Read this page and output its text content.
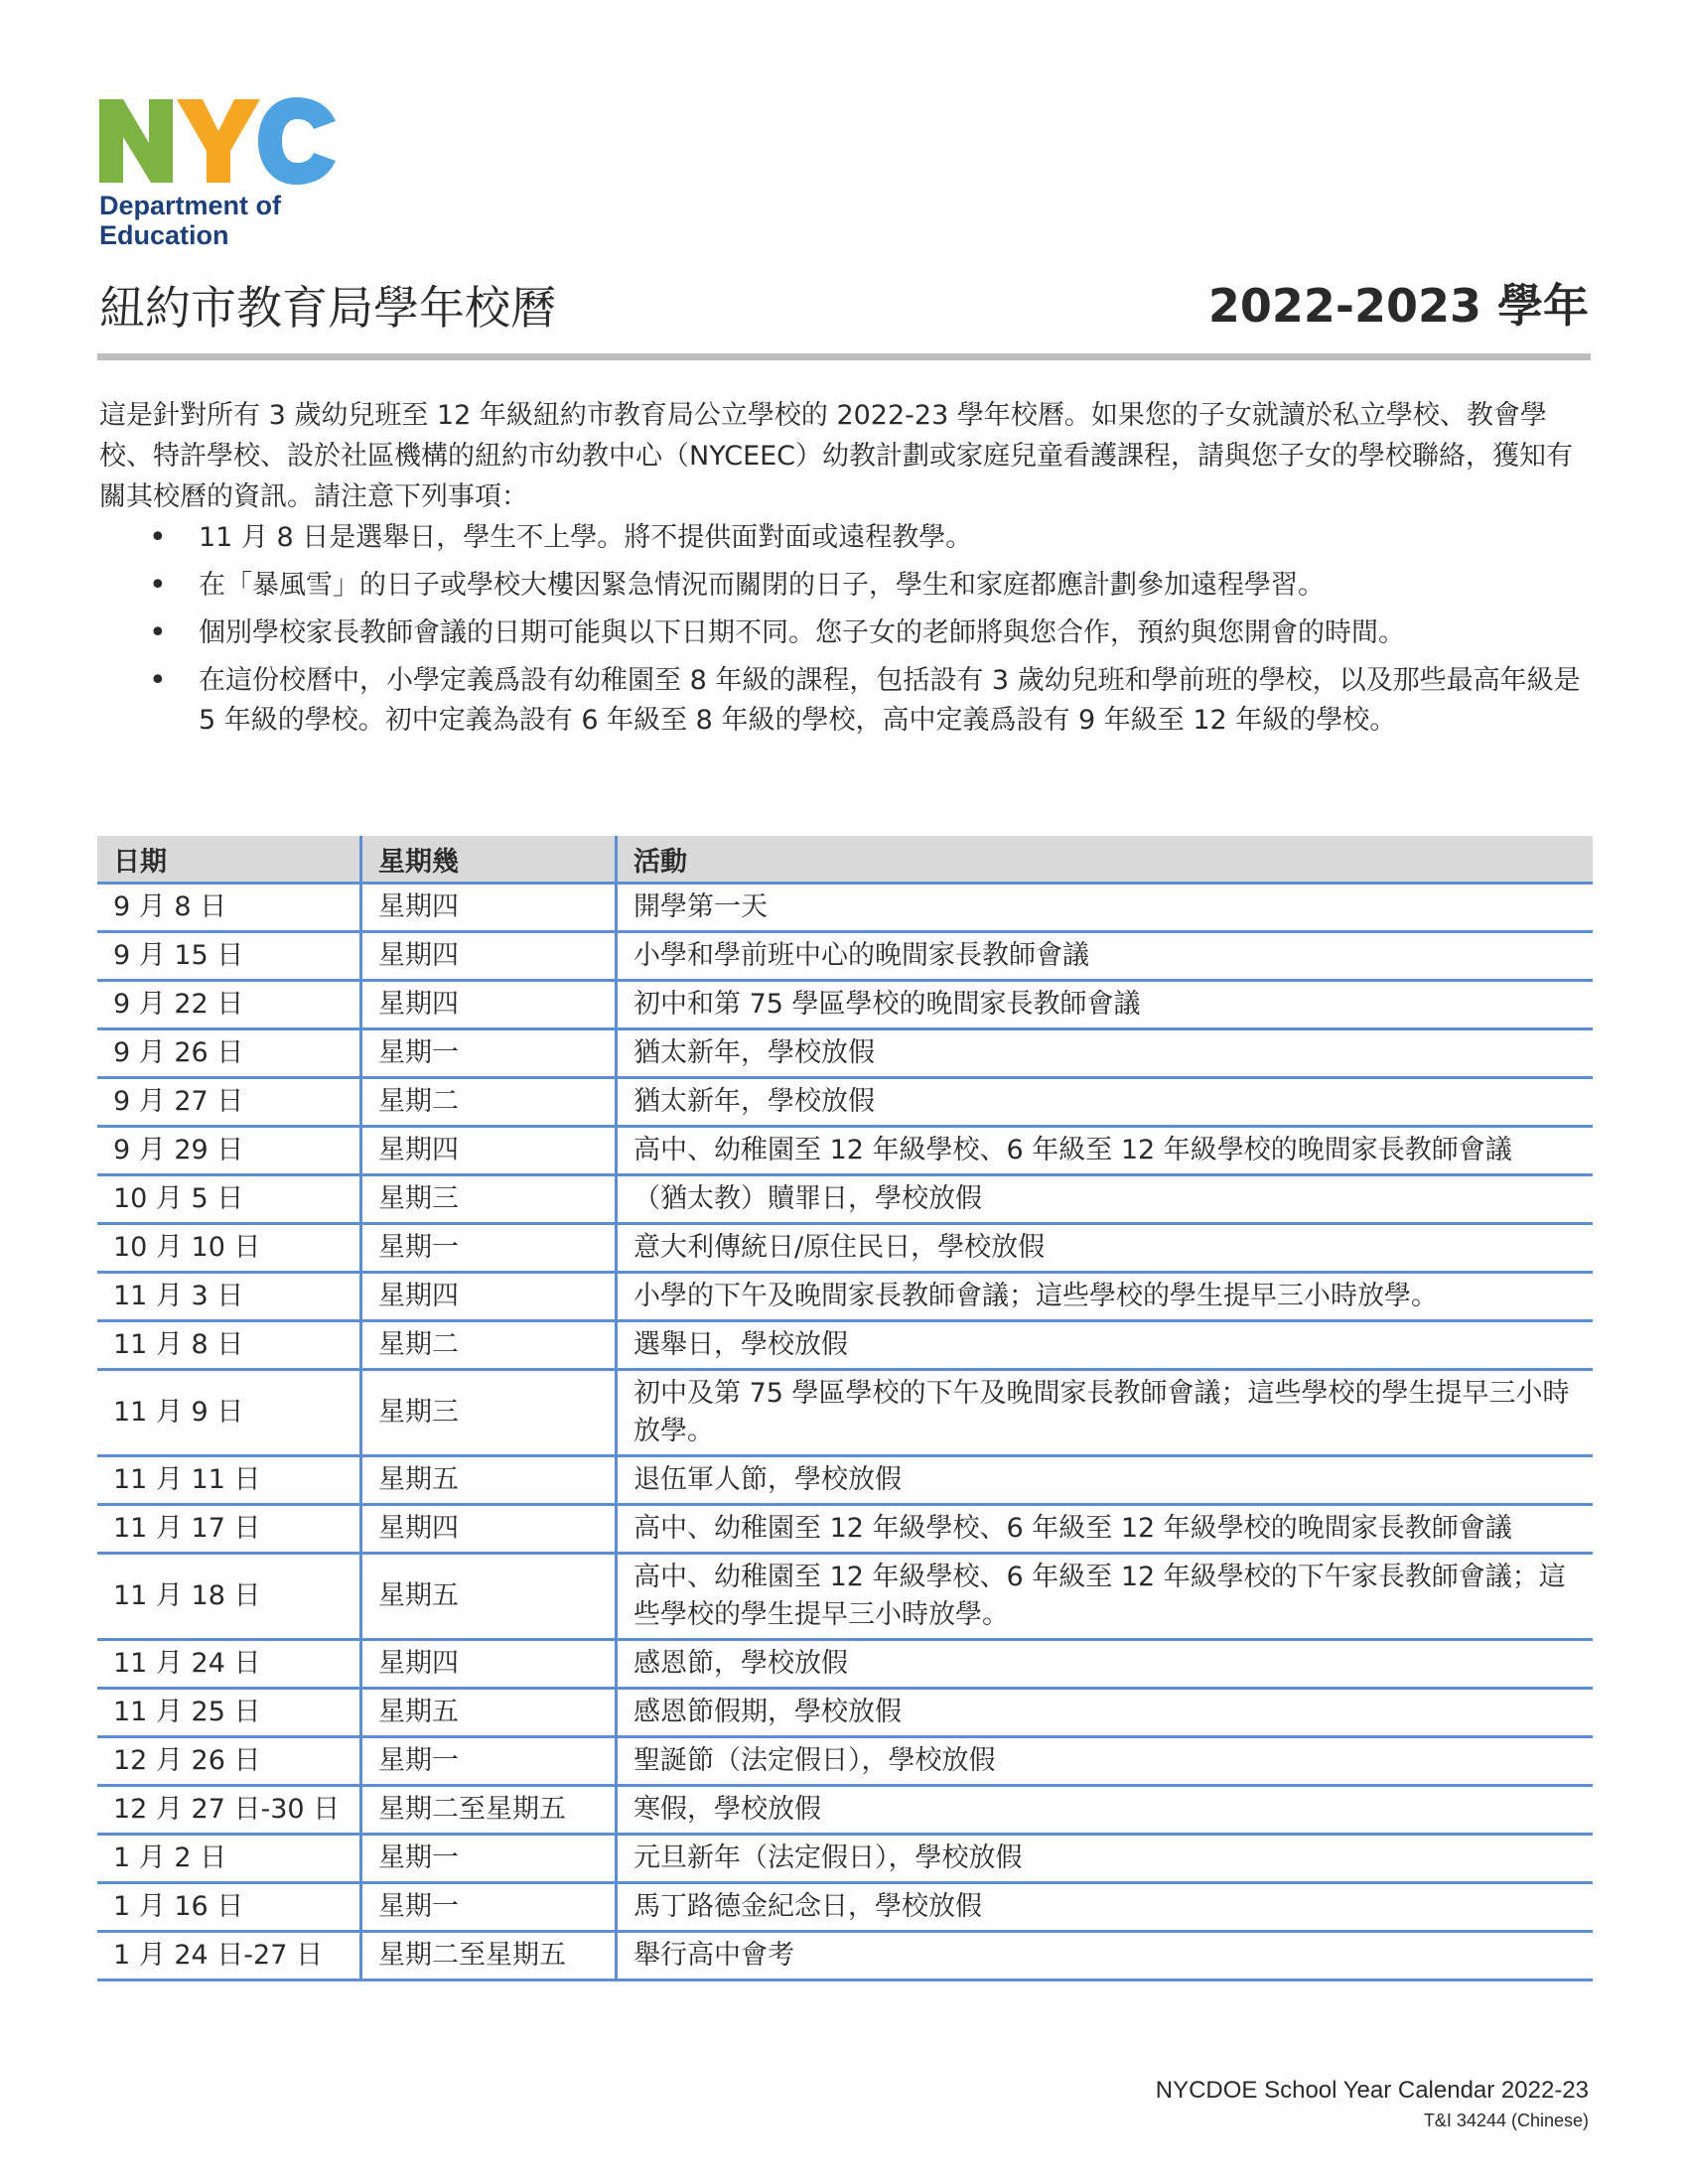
Department of
Education
紐約市教育局學年校曆	2022-2023 學年
這是針對所有 3 歲幼兒班至 12 年級紐約市教育局公立學校的 2022-23 學年校曆。如果您的子女就讀於私立學校、教會學校、特許學校、設於社區機構的紐約市幼教中心（NYCEEC）幼教計劃或家庭兒童看護課程，請與您子女的學校聯絡，獲知有關其校曆的資訊。請注意下列事項：
• 11 月 8 日是選舉日，學生不上學。將不提供面對面或遠程教學。
• 在「暴風雪」的日子或學校大樓因緊急情況而關閉的日子，學生和家庭都應計劃參加遠程學習。
• 個別學校家長教師會議的日期可能與以下日期不同。您子女的老師將與您合作，預約與您開會的時間。
• 在這份校曆中，小學定義爲設有幼稚園至 8 年級的課程，包括設有 3 歲幼兒班和學前班的學校，以及那些最高年級是 5 年級的學校。初中定義為設有 6 年級至 8 年級的學校，高中定義爲設有 9 年級至 12 年級的學校。
日期	星期幾	活動
9 月 8 日	星期四	開學第一天
9 月 15 日	星期四	小學和學前班中心的晚間家長教師會議
9 月 22 日	星期四	初中和第 75 學區學校的晚間家長教師會議
9 月 26 日	星期一	猶太新年，學校放假
9 月 27 日	星期二	猶太新年，學校放假
9 月 29 日	星期四	高中、幼稚園至 12 年級學校、6 年級至 12 年級學校的晚間家長教師會議
10 月 5 日	星期三	（猶太教）贖罪日，學校放假
10 月 10 日	星期一	意大利傳統日/原住民日，學校放假
11 月 3 日	星期四	小學的下午及晚間家長教師會議；這些學校的學生提早三小時放學。
11 月 8 日	星期二	選舉日，學校放假
11 月 9 日	星期三	初中及第 75 學區學校的下午及晚間家長教師會議；這些學校的學生提早三小時放學。
11 月 11 日	星期五	退伍軍人節，學校放假
11 月 17 日	星期四	高中、幼稚園至 12 年級學校、6 年級至 12 年級學校的晚間家長教師會議
11 月 18 日	星期五	高中、幼稚園至 12 年級學校、6 年級至 12 年級學校的下午家長教師會議；這些學校的學生提早三小時放學。
11 月 24 日	星期四	感恩節，學校放假
11 月 25 日	星期五	感恩節假期，學校放假
12 月 26 日	星期一	聖誕節（法定假日），學校放假
12 月 27 日-30 日	星期二至星期五	寒假，學校放假
1 月 2 日	星期一	元旦新年（法定假日），學校放假
1 月 16 日	星期一	馬丁路德金紀念日，學校放假
1 月 24 日-27 日	星期二至星期五	舉行高中會考
NYCDOE School Year Calendar 2022-23
T&I 34244 (Chinese)
